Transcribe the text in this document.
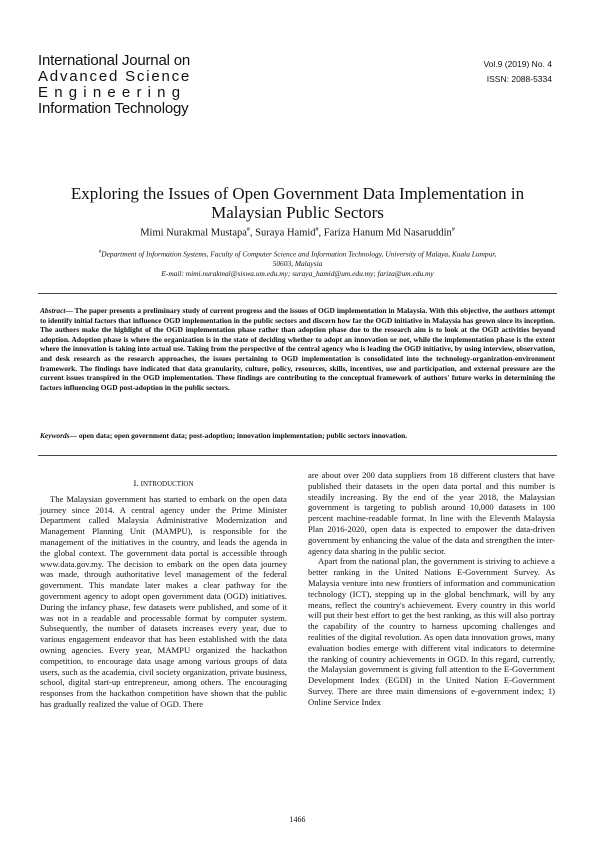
International Journal on
Advanced Science
Engineering
Information Technology
Vol.9 (2019) No. 4
ISSN: 2088-5334
Exploring the Issues of Open Government Data Implementation in
Malaysian Public Sectors
Mimi Nurakmal Mustapa#, Suraya Hamid#, Fariza Hanum Md Nasaruddin#
#Department of Information Systems, Faculty of Computer Science and Information Technology, University of Malaya, Kuala Lumpur,
50603, Malaysia
E-mail: mimi.nurakmal@siswa.um.edu.my; suraya_hamid@um.edu.my; fariza@um.edu.my
Abstract— The paper presents a preliminary study of current progress and the issues of OGD implementation in Malaysia. With this objective, the authors attempt to identify initial factors that influence OGD implementation in the public sectors and discern how far the OGD initiative in Malaysia has grown since its inception. The authors make the highlight of the OGD implementation phase rather than adoption phase due to the research aim is to look at the OGD activities beyond adoption. Adoption phase is where the organization is in the state of deciding whether to adopt an innovation or not, while the implementation phase is the extent where the innovation is taking into actual use. Taking from the perspective of the central agency who is leading the OGD initiative, by using interview, observation, and desk research as the research approaches, the issues pertaining to OGD implementation is consolidated into the technology-organization-environment framework. The findings have indicated that data granularity, culture, policy, resources, skills, incentives, use and participation, and external pressure are the current issues transpired in the OGD implementation. These findings are contributing to the conceptual framework of authors' future works in determining the factors influencing OGD post-adoption in the public sectors.
Keywords— open data; open government data; post-adoption; innovation implementation; public sectors innovation.
I. INTRODUCTION

The Malaysian government has started to embark on the open data journey since 2014. A central agency under the Prime Minister Department called Malaysia Administrative Modernization and Management Planning Unit (MAMPU), is responsible for the management of the initiatives in the country, and leads the agenda in the global context. The government data portal is accessible through www.data.gov.my. The decision to embark on the open data journey was made, through authoritative level management of the federal government. This mandate later makes a clear pathway for the government agency to adopt open government data (OGD) initiatives. During the infancy phase, few datasets were published, and some of it was not in a readable and processable format by computer system. Subsequently, the number of datasets increases every year, due to various engagement endeavor that has been established with the data owning agencies. Every year, MAMPU organized the hackathon competition, to encourage data usage among various groups of data users, such as the academia, civil society organization, private business, school, digital start-up entrepreneur, among others. The encouraging responses from the hackathon competition have shown that the public has gradually realized the value of OGD. There

are about over 200 data suppliers from 18 different clusters that have published their datasets in the open data portal and this number is steadily increasing. By the end of the year 2018, the Malaysian government is targeting to publish around 10,000 datasets in 100 percent machine-readable format. In line with the Eleventh Malaysia Plan 2016-2020, open data is expected to empower the data-driven government by enhancing the value of the data and strengthen the inter-agency data sharing in the public sector.

Apart from the national plan, the government is striving to achieve a better ranking in the United Nations E-Government Survey. As Malaysia venture into new frontiers of information and communication technology (ICT), stepping up in the global benchmark, will by any means, reflect the country's achievement. Every country in this world will put their best effort to get the best ranking, as this will also portray the capability of the country to harness upcoming challenges and realities of the digital revolution. As open data innovation grows, many evaluation bodies emerge with different vital indicators to determine the ranking of country achievements in OGD. In this regard, currently, the Malaysian government is giving full attention to the E-Government Development Index (EGDI) in the United Nation E-Government Survey. There are three main dimensions of e-government index; 1) Online Service Index

1466
